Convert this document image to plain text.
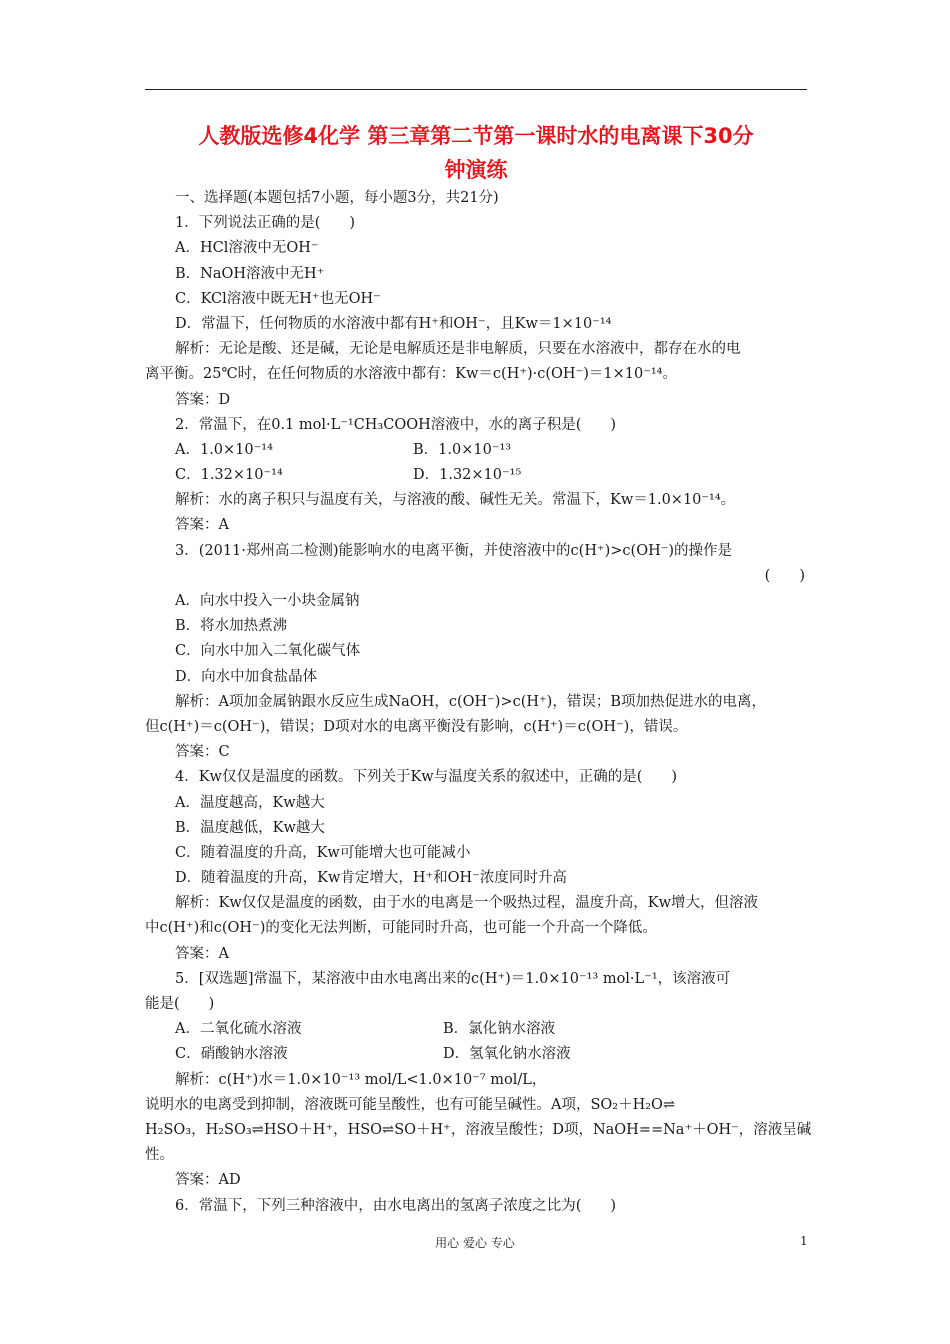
人教版选修4化学 第三章第二节第一课时水的电离课下30分
钟演练
一、选择题(本题包括7小题，每小题3分，共21分)
1．下列说法正确的是(　　)
A．HCl溶液中无OH⁻
B．NaOH溶液中无H⁺
C．KCl溶液中既无H⁺也无OH⁻
D．常温下，任何物质的水溶液中都有H⁺和OH⁻，且Kw＝1×10⁻¹⁴
解析：无论是酸、还是碱，无论是电解质还是非电解质，只要在水溶液中，都存在水的电
离平衡。25℃时，在任何物质的水溶液中都有：Kw＝c(H⁺)·c(OH⁻)＝1×10⁻¹⁴。
答案：D
2．常温下，在0.1 mol·L⁻¹CH₃COOH溶液中，水的离子积是(　　)
A．1.0×10⁻¹⁴	B．1.0×10⁻¹³
C．1.32×10⁻¹⁴	D．1.32×10⁻¹⁵
解析：水的离子积只与温度有关，与溶液的酸、碱性无关。常温下，Kw＝1.0×10⁻¹⁴。
答案：A
3．(2011·郑州高二检测)能影响水的电离平衡，并使溶液中的c(H⁺)>c(OH⁻)的操作是
(　　)
A．向水中投入一小块金属钠
B．将水加热煮沸
C．向水中加入二氧化碳气体
D．向水中加食盐晶体
解析：A项加金属钠跟水反应生成NaOH，c(OH⁻)>c(H⁺)，错误；B项加热促进水的电离，
但c(H⁺)＝c(OH⁻)，错误；D项对水的电离平衡没有影响，c(H⁺)＝c(OH⁻)，错误。
答案：C
4．Kw仅仅是温度的函数。下列关于Kw与温度关系的叙述中，正确的是(　　)
A．温度越高，Kw越大
B．温度越低，Kw越大
C．随着温度的升高，Kw可能增大也可能减小
D．随着温度的升高，Kw肯定增大，H⁺和OH⁻浓度同时升高
解析：Kw仅仅是温度的函数，由于水的电离是一个吸热过程，温度升高，Kw增大，但溶液
中c(H⁺)和c(OH⁻)的变化无法判断，可能同时升高，也可能一个升高一个降低。
答案：A
5．[双选题]常温下，某溶液中由水电离出来的c(H⁺)＝1.0×10⁻¹³ mol·L⁻¹，该溶液可
能是(　　)
A．二氧化硫水溶液	B．氯化钠水溶液
C．硝酸钠水溶液	D．氢氧化钠水溶液
解析：c(H⁺)水＝1.0×10⁻¹³ mol/L<1.0×10⁻⁷ mol/L，
说明水的电离受到抑制，溶液既可能呈酸性，也有可能呈碱性。A项，SO₂＋H₂O⇌
H₂SO₃，H₂SO₃⇌HSO＋H⁺，HSO⇌SO＋H⁺，溶液呈酸性；D项，NaOH==Na⁺＋OH⁻，溶液呈碱
性。
答案：AD
6．常温下，下列三种溶液中，由水电离出的氢离子浓度之比为(　　)
用心 爱心 专心	1
